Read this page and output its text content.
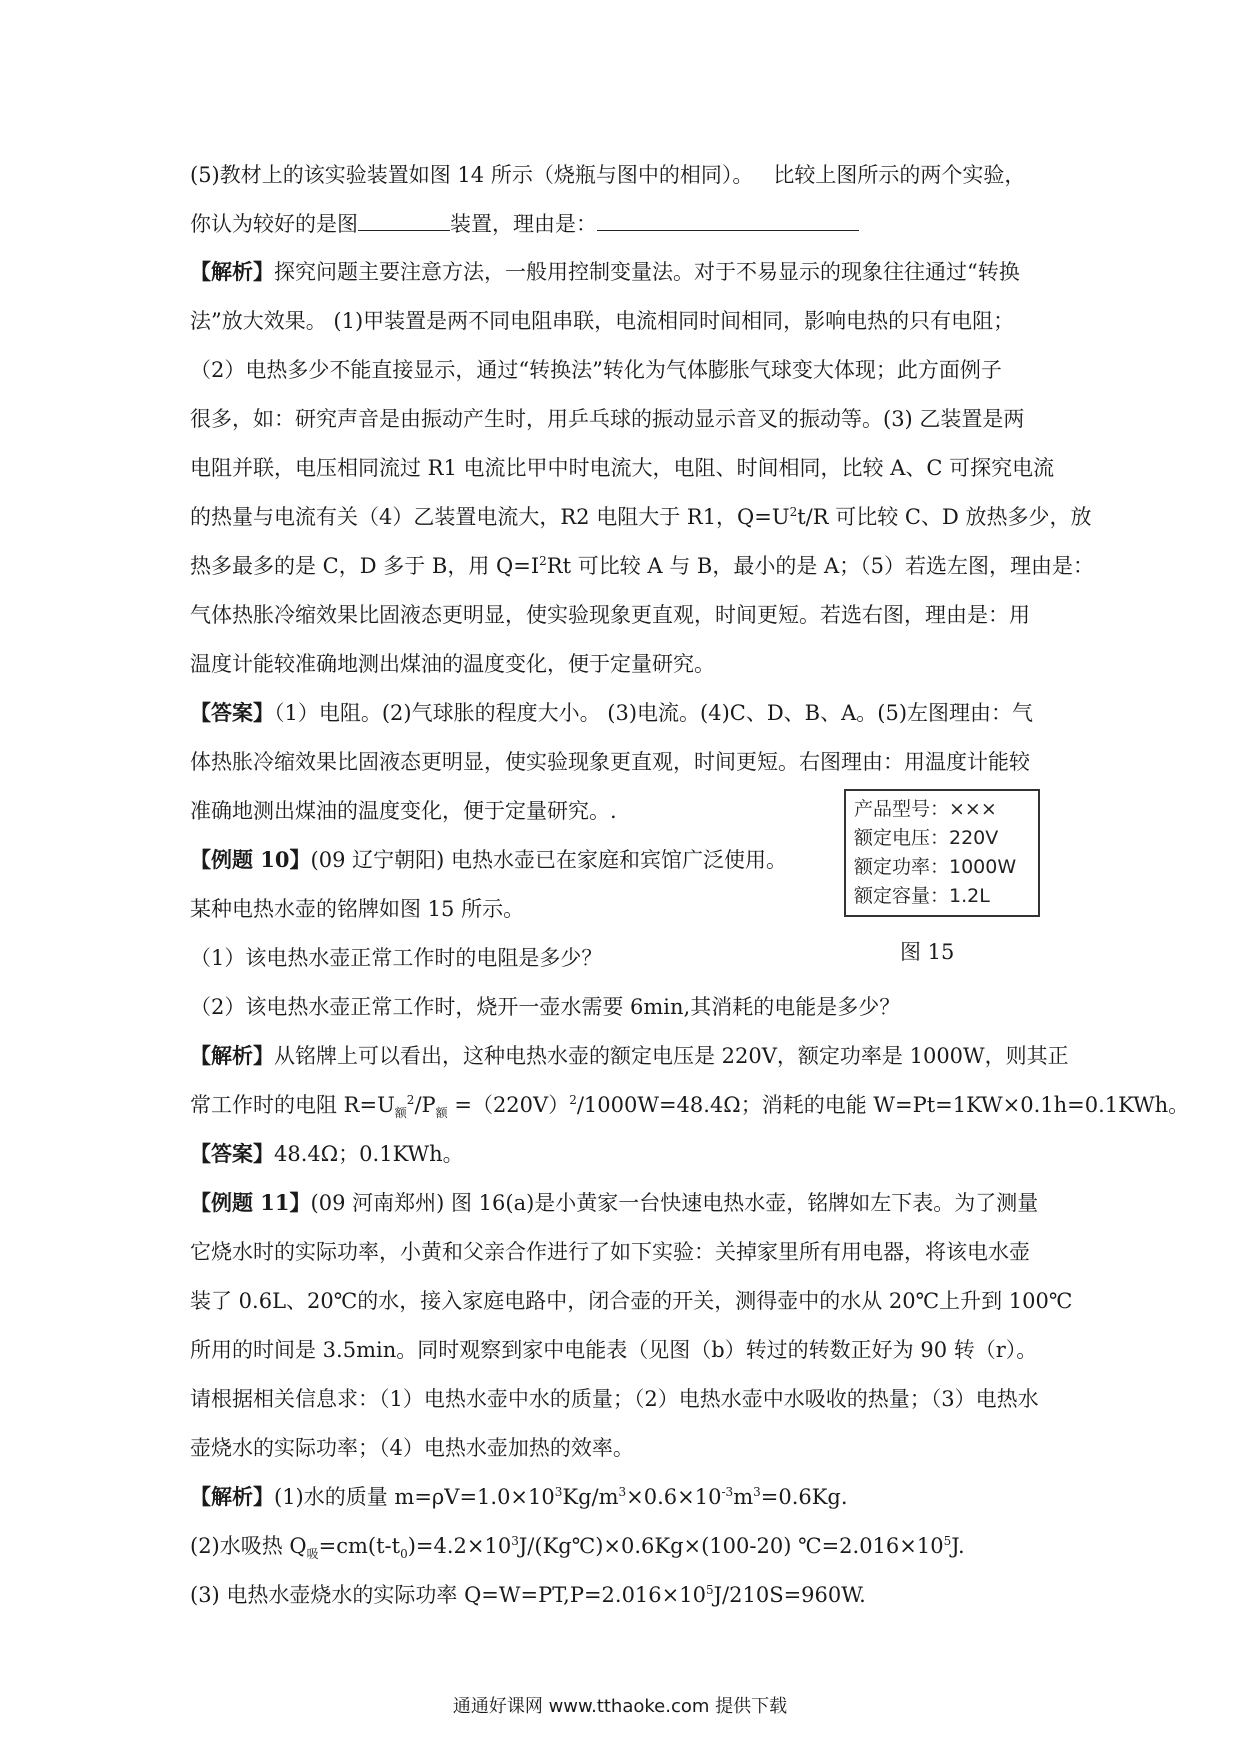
(5)教材上的该实验装置如图 14 所示（烧瓶与图中的相同）。   比较上图所示的两个实验，
你认为较好的是图	装置，理由是：
【解析】探究问题主要注意方法，一般用控制变量法。对于不易显示的现象往往通过“转换
法”放大效果。 (1)甲装置是两不同电阻串联，电流相同时间相同，影响电热的只有电阻；
（2）电热多少不能直接显示，通过“转换法”转化为气体膨胀气球变大体现；此方面例子
很多，如：研究声音是由振动产生时，用乒乓球的振动显示音叉的振动等。(3) 乙装置是两
电阻并联，电压相同流过 R1 电流比甲中时电流大，电阻、时间相同，比较 A、C 可探究电流
的热量与电流有关（4）乙装置电流大，R2 电阻大于 R1，$Q=U^2t/R$ 可比较 C、D 放热多少，放
热多最多的是 C，D 多于 B，用 $Q=I^2Rt$ 可比较 A 与 B，最小的是 A；（5）若选左图，理由是：
气体热胀冷缩效果比固液态更明显，使实验现象更直观，时间更短。若选右图，理由是：用
温度计能较准确地测出煤油的温度变化，便于定量研究。
【答案】（1）电阻。(2)气球胀的程度大小。 (3)电流。(4)C、D、B、A。(5)左图理由：气
体热胀冷缩效果比固液态更明显，使实验现象更直观，时间更短。右图理由：用温度计能较
准确地测出煤油的温度变化，便于定量研究。.
【例题 10】(09 辽宁朝阳) 电热水壶已在家庭和宾馆广泛使用。
某种电热水壶的铭牌如图 15 所示。
（1）该电热水壶正常工作时的电阻是多少？
（2）该电热水壶正常工作时，烧开一壶水需要 6min,其消耗的电能是多少？
产品型号：×××
额定电压：220V
额定功率：1000W
额定容量：1.2L
图 15
【解析】从铭牌上可以看出，这种电热水壶的额定电压是 220V，额定功率是 1000W，则其正
常工作时的电阻 $R=U_额^2/P_额 =(220V)^2/1000W=48.4\Omega$；消耗的电能 W=Pt=1KW×0.1h=0.1KWh。
【答案】48.4Ω；0.1KWh。
【例题 11】(09 河南郑州) 图 16(a)是小黄家一台快速电热水壶，铭牌如左下表。为了测量
它烧水时的实际功率，小黄和父亲合作进行了如下实验：关掉家里所有用电器，将该电水壶
装了 0.6L、20℃的水，接入家庭电路中，闭合壶的开关，测得壶中的水从 20℃上升到 100℃
所用的时间是 3.5min。同时观察到家中电能表（见图（b）转过的转数正好为 90 转（r）。
请根据相关信息求：（1）电热水壶中水的质量；（2）电热水壶中水吸收的热量；（3）电热水
壶烧水的实际功率；（4）电热水壶加热的效率。
【解析】(1)水的质量 $m=\rho V=1.0\times 10^3Kg/m^3\times 0.6\times 10^{-3}m^3=0.6Kg$.
(2)水吸热 $Q_吸=cm(t-t_0)=4.2\times 10^3J/(Kg℃)\times 0.6Kg\times(100-20)$ $℃=2.016\times 10^5J$.
(3) 电热水壶烧水的实际功率 $Q=W=PT,P=2.016\times 10^5J/210S=960W$.
通通好课网 www.tthaoke.com 提供下载
